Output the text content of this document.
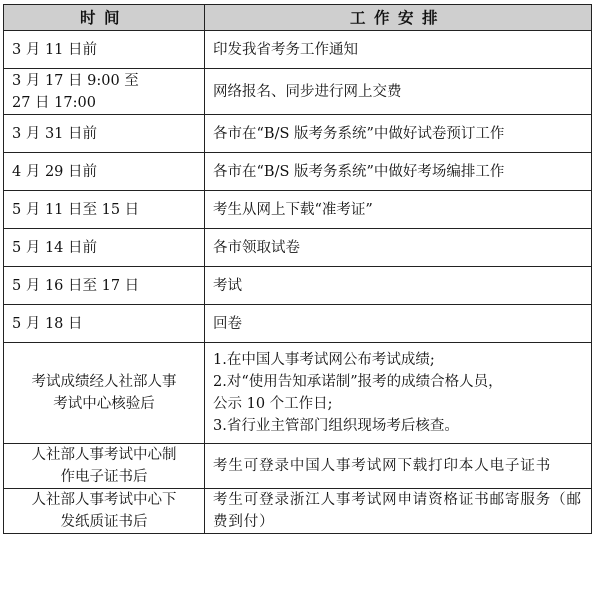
时间	工作安排

3 月 11 日前	印发我省考务工作通知

3 月 17 日 9:00 至
27 日 17:00	网络报名、同步进行网上交费

3 月 31 日前	各市在“B/S 版考务系统”中做好试卷预订工作

4 月 29 日前	各市在“B/S 版考务系统”中做好考场编排工作

5 月 11 日至 15 日	考生从网上下载“准考证”

5 月 14 日前	各市领取试卷

5 月 16 日至 17 日	考试

5 月 18 日	回卷

考试成绩经人社部人事
考试中心核验后	1.在中国人事考试网公布考试成绩;
2.对“使用告知承诺制”报考的成绩合格人员，
公示 10 个工作日;
3.省行业主管部门组织现场考后核查。

人社部人事考试中心制
作电子证书后	考生可登录中国人事考试网下载打印本人电子证书

人社部人事考试中心下
发纸质证书后	考生可登录浙江人事考试网申请资格证书邮寄服务（邮费到付）
